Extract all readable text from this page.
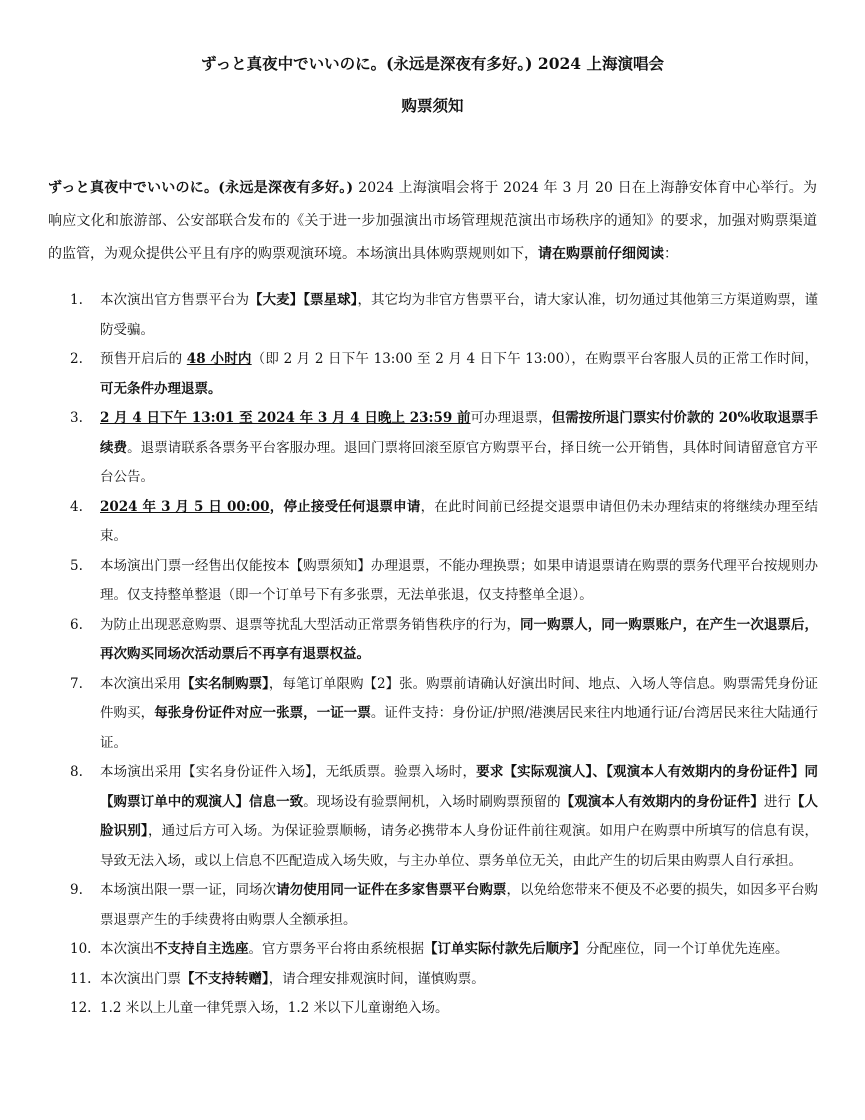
ずっと真夜中でいいのに。(永远是深夜有多好。) 2024 上海演唱会
购票须知

ずっと真夜中でいいのに。(永远是深夜有多好。) 2024 上海演唱会将于 2024 年 3 月 20 日在上海静安体育中心举行。为响应文化和旅游部、公安部联合发布的《关于进一步加强演出市场管理规范演出市场秩序的通知》的要求，加强对购票渠道的监管，为观众提供公平且有序的购票观演环境。本场演出具体购票规则如下，请在购票前仔细阅读：

1.	本次演出官方售票平台为【大麦】【票星球】，其它均为非官方售票平台，请大家认准，切勿通过其他第三方渠道购票，谨防受骗。
2.	预售开启后的 48 小时内（即 2 月 2 日下午 13:00 至 2 月 4 日下午 13:00），在购票平台客服人员的正常工作时间，可无条件办理退票。
3.	2 月 4 日下午 13:01 至 2024 年 3 月 4 日晚上 23:59 前可办理退票，但需按所退门票实付价款的 20%收取退票手续费。退票请联系各票务平台客服办理。退回门票将回滚至原官方购票平台，择日统一公开销售，具体时间请留意官方平台公告。
4.	2024 年 3 月 5 日 00:00，停止接受任何退票申请，在此时间前已经提交退票申请但仍未办理结束的将继续办理至结束。
5.	本场演出门票一经售出仅能按本【购票须知】办理退票，不能办理换票；如果申请退票请在购票的票务代理平台按规则办理。仅支持整单整退（即一个订单号下有多张票，无法单张退，仅支持整单全退）。
6.	为防止出现恶意购票、退票等扰乱大型活动正常票务销售秩序的行为，同一购票人，同一购票账户，在产生一次退票后，再次购买同场次活动票后不再享有退票权益。
7.	本次演出采用【实名制购票】，每笔订单限购【2】张。购票前请确认好演出时间、地点、入场人等信息。购票需凭身份证件购买，每张身份证件对应一张票，一证一票。证件支持：身份证/护照/港澳居民来往内地通行证/台湾居民来往大陆通行证。
8.	本场演出采用【实名身份证件入场】，无纸质票。验票入场时，要求【实际观演人】、【观演本人有效期内的身份证件】同【购票订单中的观演人】信息一致。现场设有验票闸机，入场时刷购票预留的【观演本人有效期内的身份证件】进行【人脸识别】，通过后方可入场。为保证验票顺畅，请务必携带本人身份证件前往观演。如用户在购票中所填写的信息有误，导致无法入场，或以上信息不匹配造成入场失败，与主办单位、票务单位无关，由此产生的切后果由购票人自行承担。
9.	本场演出限一票一证，同场次请勿使用同一证件在多家售票平台购票，以免给您带来不便及不必要的损失，如因多平台购票退票产生的手续费将由购票人全额承担。
10. 本次演出不支持自主选座。官方票务平台将由系统根据【订单实际付款先后顺序】分配座位，同一个订单优先连座。
11. 本次演出门票【不支持转赠】，请合理安排观演时间，谨慎购票。
12. 1.2 米以上儿童一律凭票入场，1.2 米以下儿童谢绝入场。
